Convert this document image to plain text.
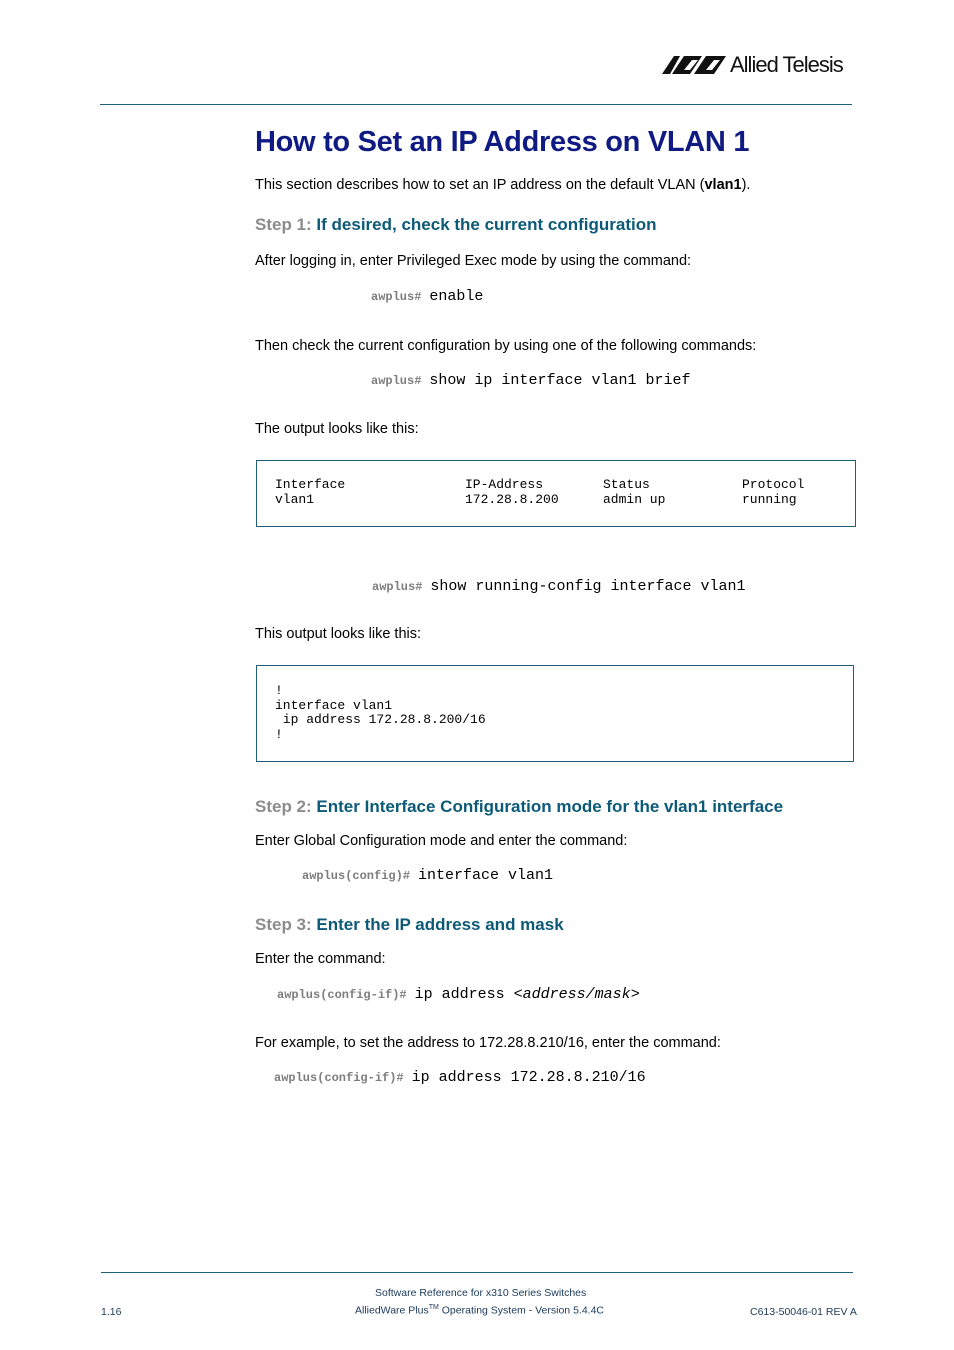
Allied Telesis
How to Set an IP Address on VLAN 1
This section describes how to set an IP address on the default VLAN (vlan1).
Step 1: If desired, check the current configuration
After logging in, enter Privileged Exec mode by using the command:
awplus# enable
Then check the current configuration by using one of the following commands:
awplus# show ip interface vlan1 brief
The output looks like this:
Interface	IP-Address	Status	Protocol
vlan1	172.28.8.200	admin up	running
awplus# show running-config interface vlan1
This output looks like this:
!
interface vlan1
ip address 172.28.8.200/16
!
Step 2: Enter Interface Configuration mode for the vlan1 interface
Enter Global Configuration mode and enter the command:
awplus(config)# interface vlan1
Step 3: Enter the IP address and mask
Enter the command:
awplus(config-if)# ip address <address/mask>
For example, to set the address to 172.28.8.210/16, enter the command:
awplus(config-if)# ip address 172.28.8.210/16
Software Reference for x310 Series Switches
1.16	AlliedWare Plus™ Operating System - Version 5.4.4C	C613-50046-01 REV A
